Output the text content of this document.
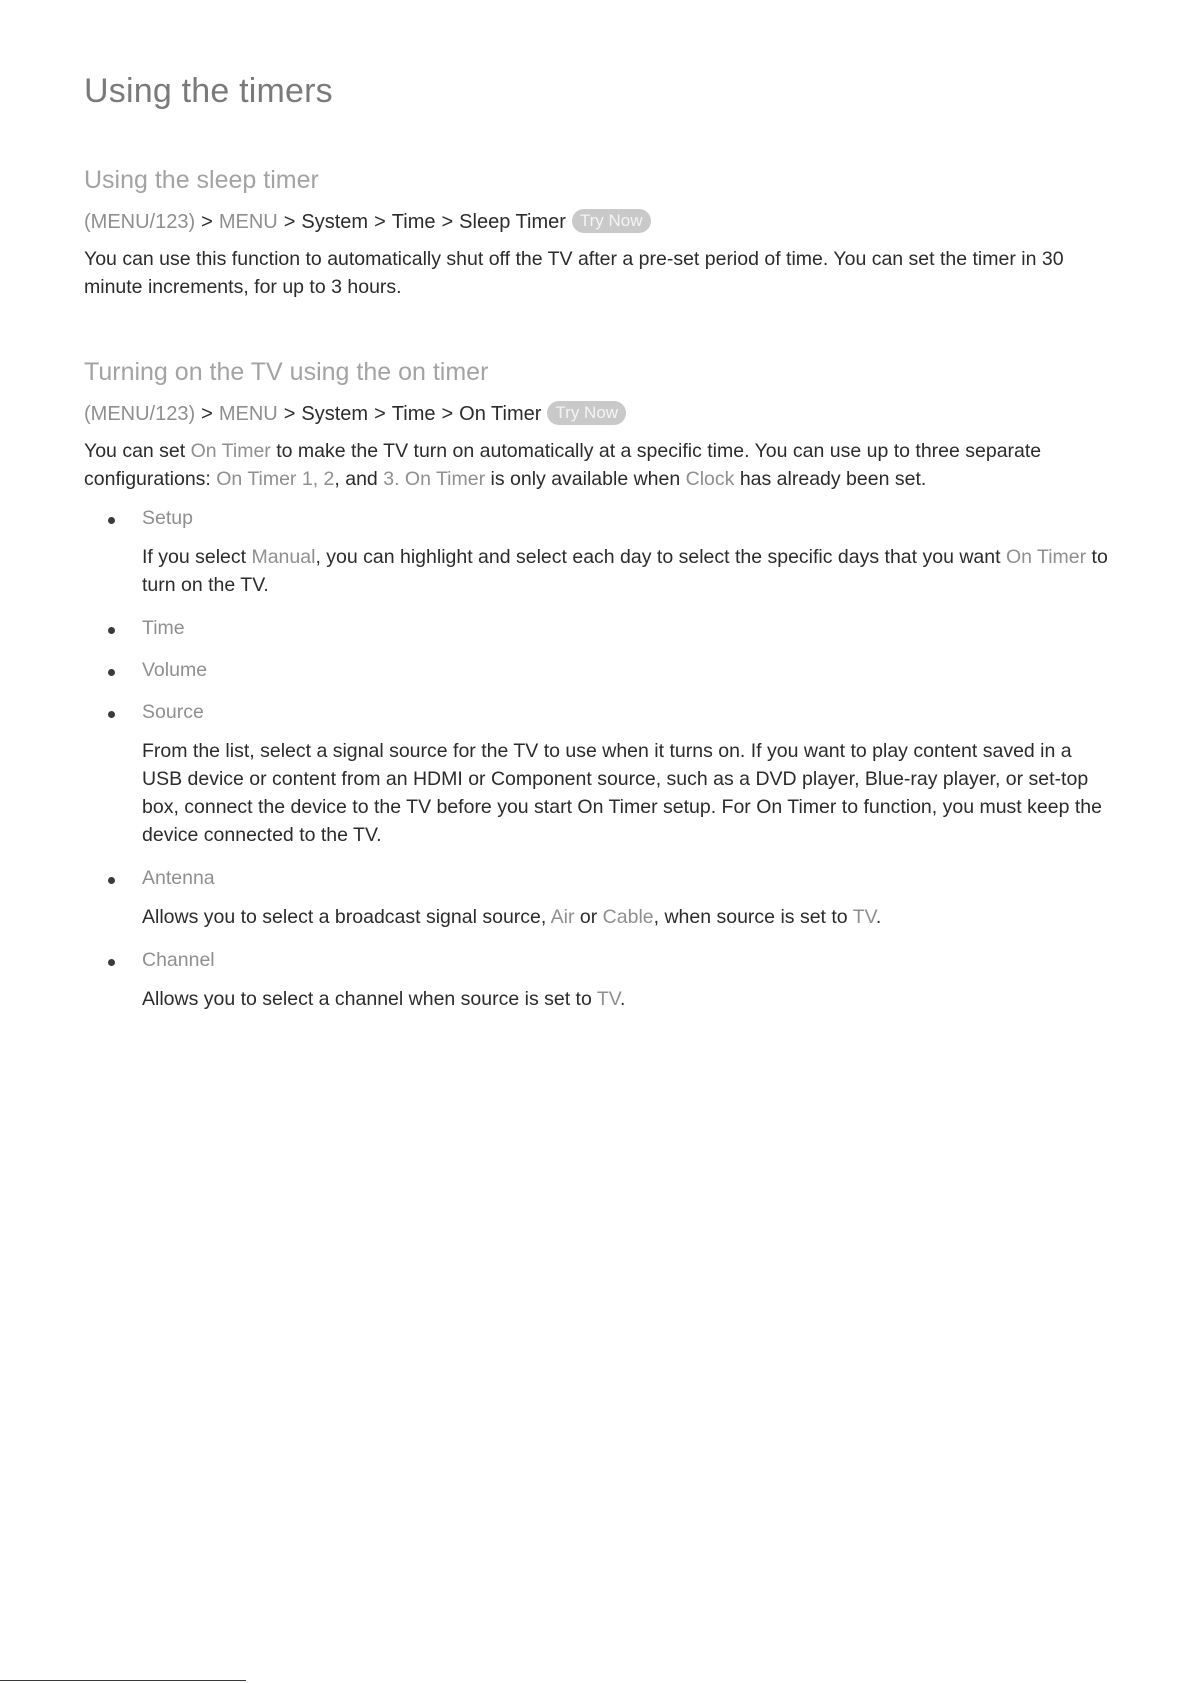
Using the timers
Using the sleep timer
(MENU/123) > MENU > System > Time > Sleep Timer Try Now

You can use this function to automatically shut off the TV after a pre-set period of time. You can set the timer in 30 minute increments, for up to 3 hours.

Turning on the TV using the on timer
(MENU/123) > MENU > System > Time > On Timer Try Now

You can set On Timer to make the TV turn on automatically at a specific time. You can use up to three separate configurations: On Timer 1, 2, and 3. On Timer is only available when Clock has already been set.

Setup

If you select Manual, you can highlight and select each day to select the specific days that you want On Timer to turn on the TV.

Time

Volume

Source

From the list, select a signal source for the TV to use when it turns on. If you want to play content saved in a USB device or content from an HDMI or Component source, such as a DVD player, Blue-ray player, or set-top box, connect the device to the TV before you start On Timer setup. For On Timer to function, you must keep the device connected to the TV.

Antenna

Allows you to select a broadcast signal source, Air or Cable, when source is set to TV.

Channel

Allows you to select a channel when source is set to TV.
